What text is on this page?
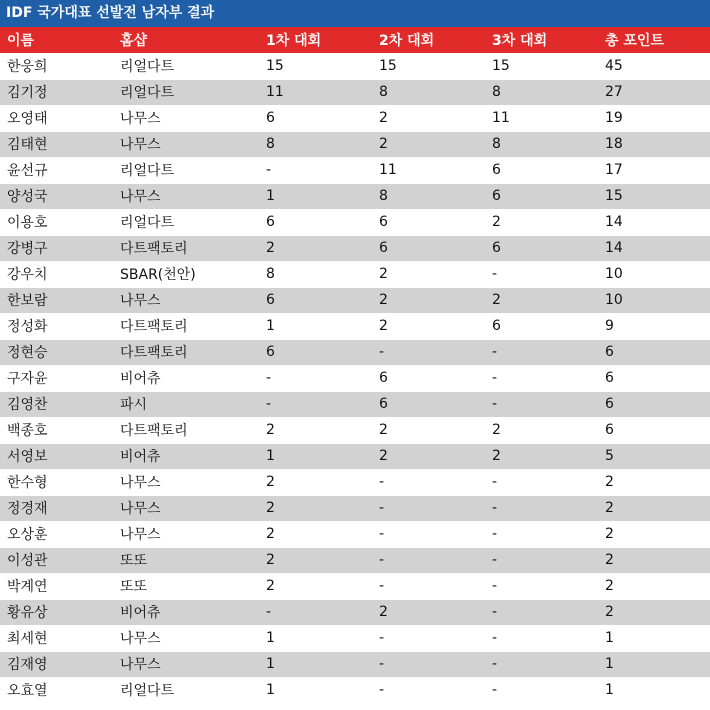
IDF 국가대표 선발전 남자부 결과
이름	홈샵	1차 대회	2차 대회	3차 대회	총 포인트
한웅희	리얼다트	15	15	15	45
김기정	리얼다트	11	8	8	27
오영태	나무스	6	2	11	19
김태현	나무스	8	2	8	18
윤선규	리얼다트	-	11	6	17
양성국	나무스	1	8	6	15
이용호	리얼다트	6	6	2	14
강병구	다트팩토리	2	6	6	14
강우치	SBAR(천안)	8	2	-	10
한보람	나무스	6	2	2	10
정성화	다트팩토리	1	2	6	9
정현승	다트팩토리	6	-	-	6
구자윤	비어츄	-	6	-	6
김영찬	파시	-	6	-	6
백종호	다트팩토리	2	2	2	6
서영보	비어츄	1	2	2	5
한수형	나무스	2	-	-	2
정경재	나무스	2	-	-	2
오상훈	나무스	2	-	-	2
이성관	또또	2	-	-	2
박계연	또또	2	-	-	2
황유상	비어츄	-	2	-	2
최세현	나무스	1	-	-	1
김재영	나무스	1	-	-	1
오효열	리얼다트	1	-	-	1
